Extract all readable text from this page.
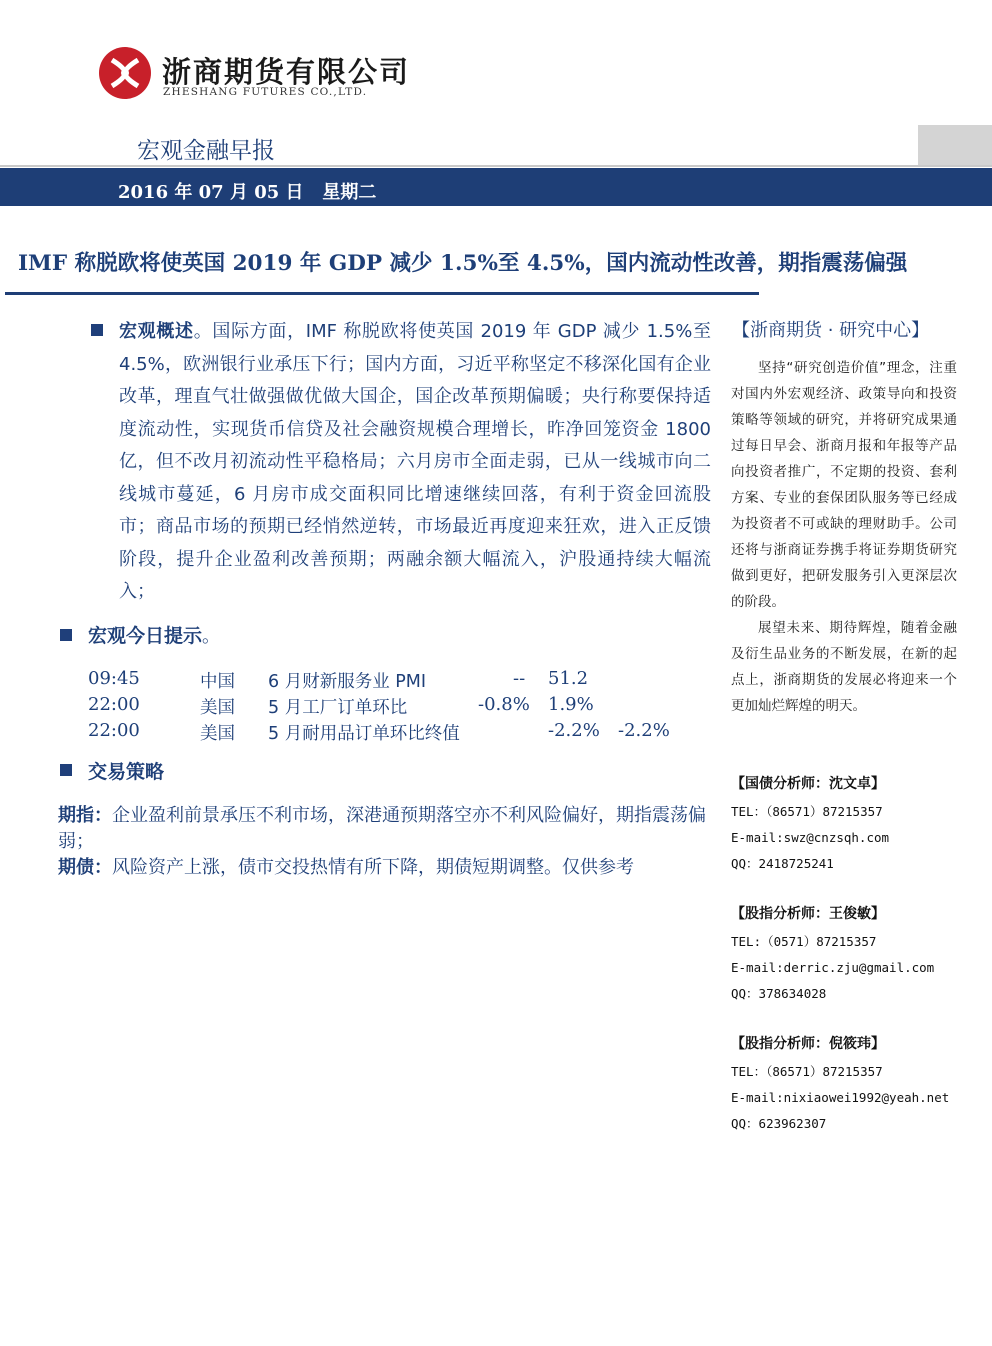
浙商期货有限公司
ZHESHANG FUTURES CO.,LTD.
宏观金融早报
2016 年 07 月 05 日 星期二
IMF 称脱欧将使英国 2019 年 GDP 减少 1.5%至 4.5%，国内流动性改善，期指震荡偏强
宏观概述。国际方面，IMF 称脱欧将使英国 2019 年 GDP 减少 1.5%至 4.5%，欧洲银行业承压下行；国内方面，习近平称坚定不移深化国有企业改革，理直气壮做强做优做大国企，国企改革预期偏暖；央行称要保持适度流动性，实现货币信贷及社会融资规模合理增长，昨净回笼资金 1800 亿，但不改月初流动性平稳格局；六月房市全面走弱，已从一线城市向二线城市蔓延，6 月房市成交面积同比增速继续回落，有利于资金回流股市；商品市场的预期已经悄然逆转，市场最近再度迎来狂欢，进入正反馈阶段，提升企业盈利改善预期；两融余额大幅流入，沪股通持续大幅流入；
宏观今日提示。
09:45	中国 6 月财新服务业 PMI	-- 51.2
22:00	美国 5 月工厂订单环比	-0.8% 1.9%
22:00	美国 5 月耐用品订单环比终值	-2.2% -2.2%
交易策略
期指：企业盈利前景承压不利市场，深港通预期落空亦不利风险偏好，期指震荡偏弱；
期债：风险资产上涨，债市交投热情有所下降，期债短期调整。仅供参考
【浙商期货 · 研究中心】

坚持“研究创造价值”理念，注重对国内外宏观经济、政策导向和投资策略等领域的研究，并将研究成果通过每日早会、浙商月报和年报等产品向投资者推广，不定期的投资、套利方案、专业的套保团队服务等已经成为投资者不可或缺的理财助手。公司还将与浙商证券携手将证券期货研究做到更好，把研发服务引入更深层次的阶段。

展望未来、期待辉煌，随着金融及衍生品业务的不断发展，在新的起点上，浙商期货的发展必将迎来一个更加灿烂辉煌的明天。

【国债分析师：沈文卓】
TEL：（86571）87215357
E-mail:swz@cnzsqh.com
QQ：2418725241
【股指分析师：王俊敏】
TEL:（0571）87215357
E-mail:derric.zju@gmail.com
QQ：378634028
【股指分析师：倪筱玮】
TEL：（86571）87215357
E-mail:nixiaowei1992@yeah.net
QQ：623962307
